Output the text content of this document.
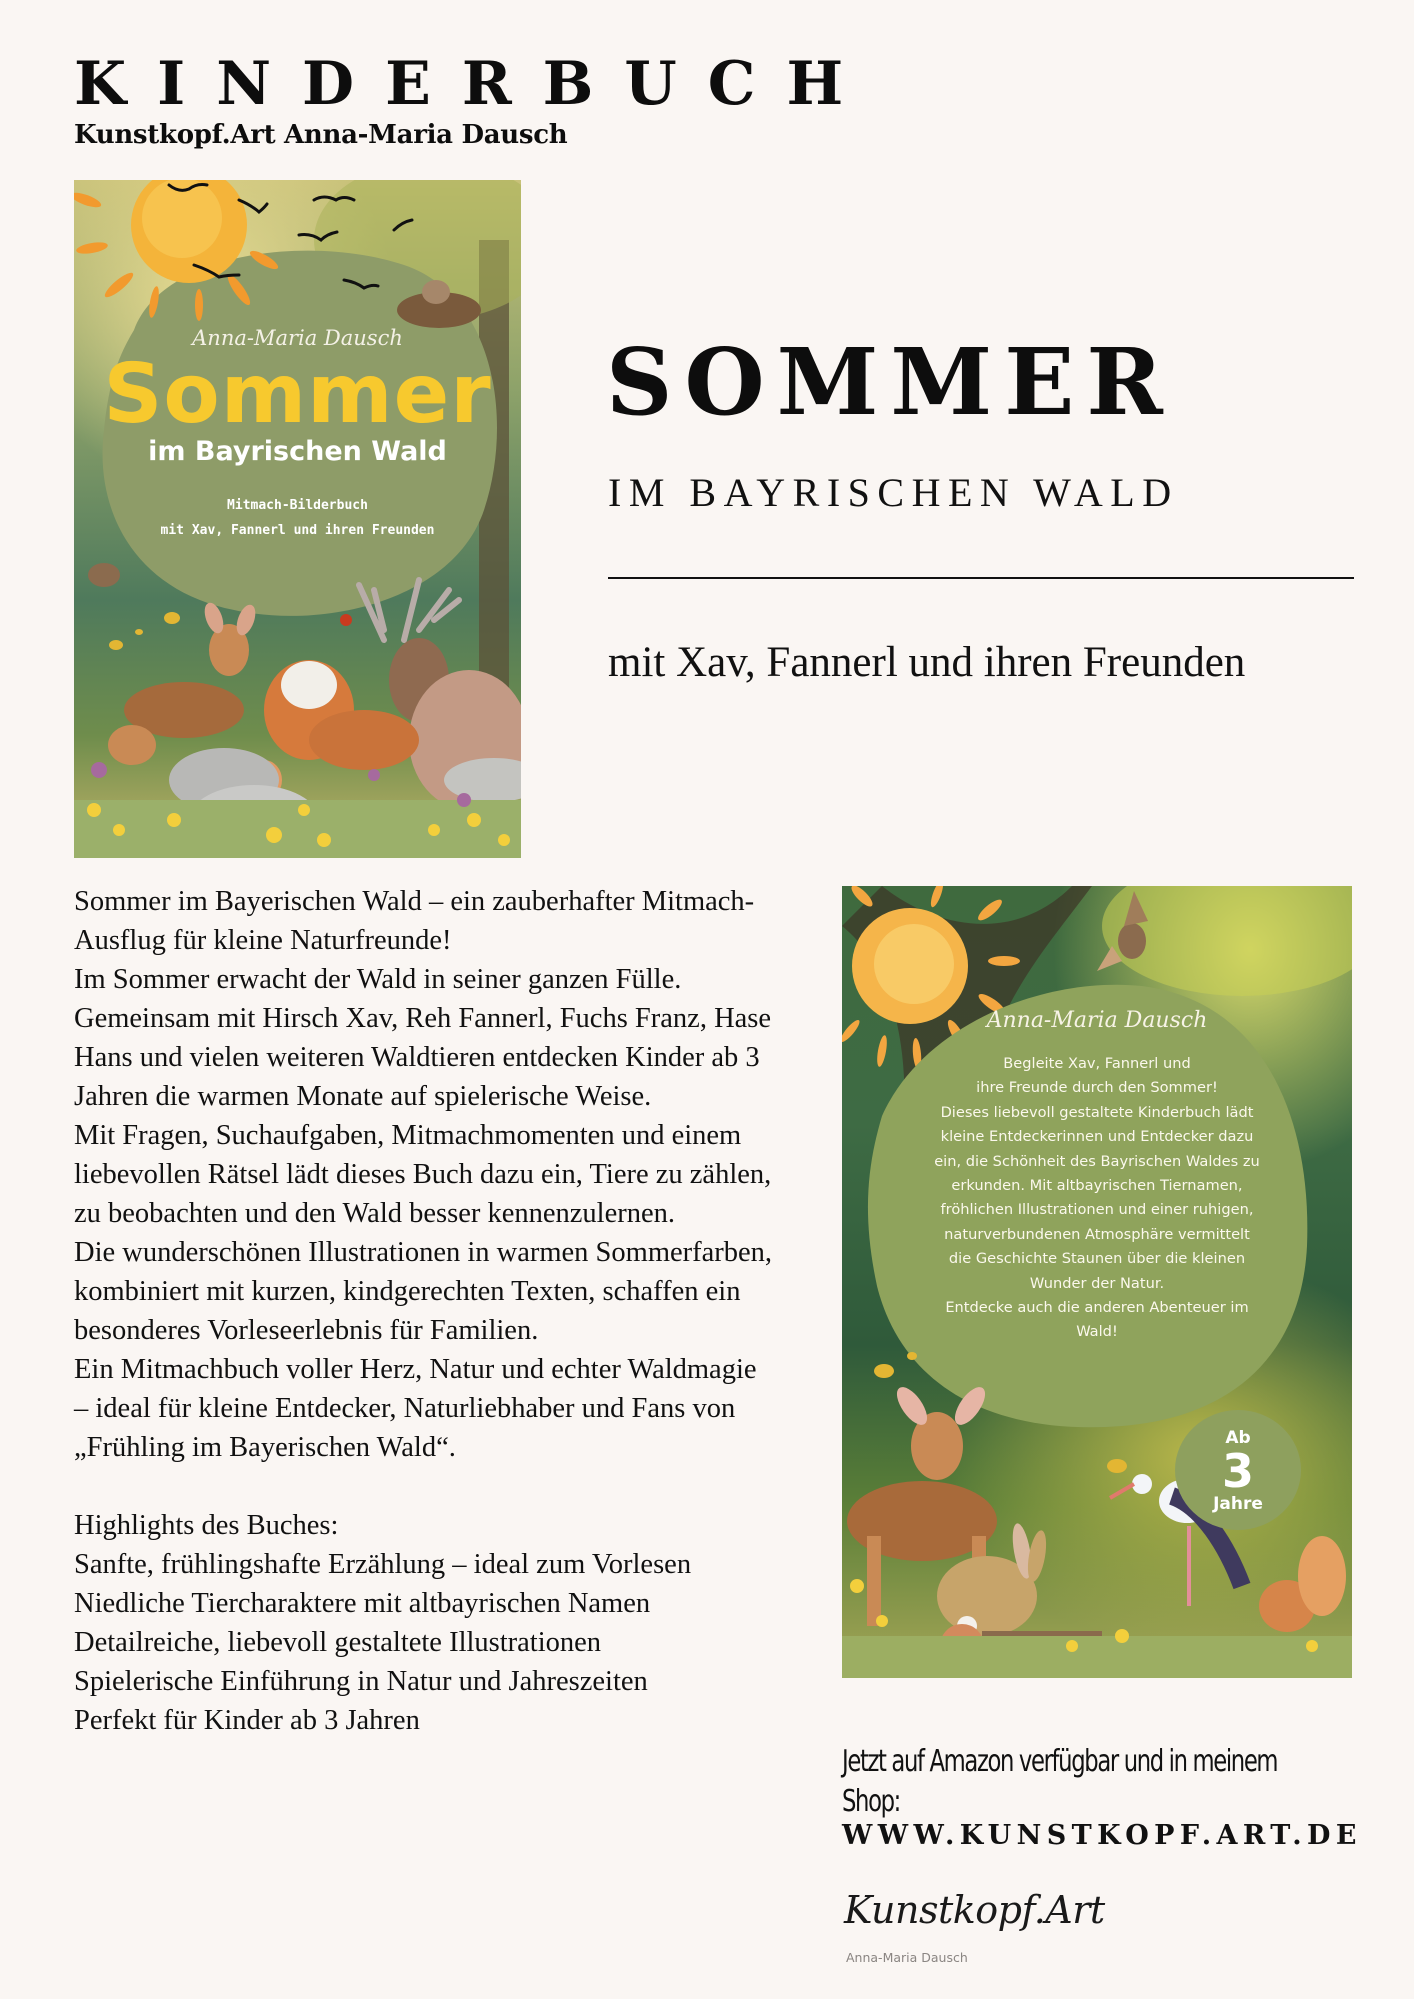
KINDERBUCH

Kunstkopf.Art Anna-Maria Dausch

Anna-Maria Dausch
Sommer
im Bayrischen Wald
Mitmach-Bilderbuch
mit Xav, Fannerl und ihren Freunden
SOMMER

IM BAYRISCHEN WALD

mit Xav, Fannerl und ihren Freunden

Sommer im Bayerischen Wald – ein zauberhafter Mitmach-Ausflug für kleine Naturfreunde!

Im Sommer erwacht der Wald in seiner ganzen Fülle. Gemeinsam mit Hirsch Xav, Reh Fannerl, Fuchs Franz, Hase Hans und vielen weiteren Waldtieren entdecken Kinder ab 3 Jahren die warmen Monate auf spielerische Weise.

Mit Fragen, Suchaufgaben, Mitmachmomenten und einem liebevollen Rätsel lädt dieses Buch dazu ein, Tiere zu zählen, zu beobachten und den Wald besser kennenzulernen.

Die wunderschönen Illustrationen in warmen Sommerfarben, kombiniert mit kurzen, kindgerechten Texten, schaffen ein besonderes Vorleseerlebnis für Familien.

Ein Mitmachbuch voller Herz, Natur und echter Waldmagie – ideal für kleine Entdecker, Naturliebhaber und Fans von „Frühling im Bayerischen Wald“.

Highlights des Buches:

Sanfte, frühlingshafte Erzählung – ideal zum Vorlesen

Niedliche Tiercharaktere mit altbayrischen Namen

Detailreiche, liebevoll gestaltete Illustrationen

Spielerische Einführung in Natur und Jahreszeiten

Perfekt für Kinder ab 3 Jahren

Anna-Maria Dausch
Begleite Xav, Fannerl und
ihre Freunde durch den Sommer!
Dieses liebevoll gestaltete Kinderbuch lädt
kleine Entdeckerinnen und Entdecker dazu
ein, die Schönheit des Bayrischen Waldes zu
erkunden. Mit altbayrischen Tiernamen,
fröhlichen Illustrationen und einer ruhigen,
naturverbundenen Atmosphäre vermittelt
die Geschichte Staunen über die kleinen
Wunder der Natur.
Entdecke auch die anderen Abenteuer im
Wald!
Ab
3
Jahre

Jetzt auf Amazon verfügbar und in meinem Shop:

WWW.KUNSTKOPF.ART.DE

Kunstkopf.Art

Anna-Maria Dausch
